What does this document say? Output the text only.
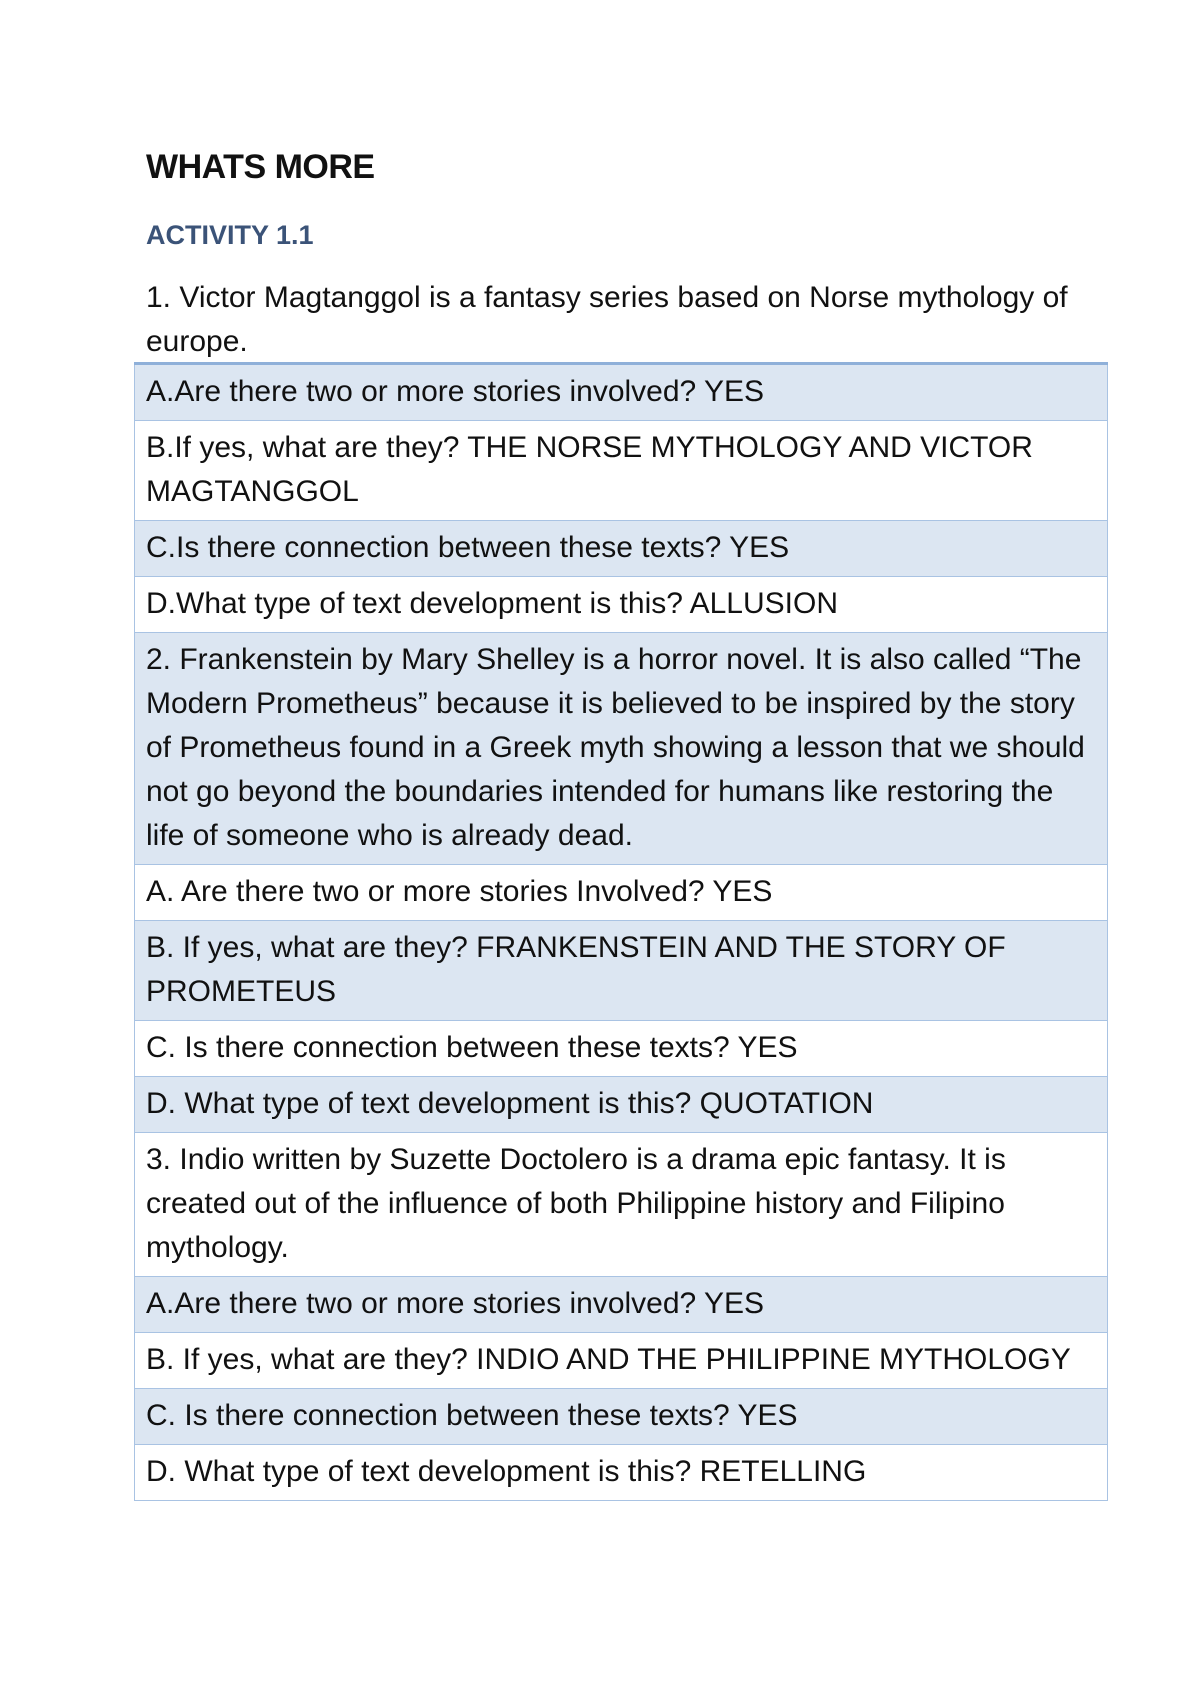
WHATS MORE
ACTIVITY 1.1

1. Victor Magtanggol is a fantasy series based on Norse mythology of europe.

A.Are there two or more stories involved? YES
B.If yes, what are they? THE NORSE MYTHOLOGY AND VICTOR MAGTANGGOL
C.Is there connection between these texts? YES
D.What type of text development is this? ALLUSION
2. Frankenstein by Mary Shelley is a horror novel. It is also called “The Modern Prometheus” because it is believed to be inspired by the story of Prometheus found in a Greek myth showing a lesson that we should not go beyond the boundaries intended for humans like restoring the life of someone who is already dead.
A. Are there two or more stories Involved? YES
B. If yes, what are they? FRANKENSTEIN AND THE STORY OF PROMETEUS
C. Is there connection between these texts? YES
D. What type of text development is this? QUOTATION
3. Indio written by Suzette Doctolero is a drama epic fantasy. It is created out of the influence of both Philippine history and Filipino mythology.
A.Are there two or more stories involved? YES
B. If yes, what are they? INDIO AND THE PHILIPPINE MYTHOLOGY
C. Is there connection between these texts? YES
D. What type of text development is this? RETELLING
